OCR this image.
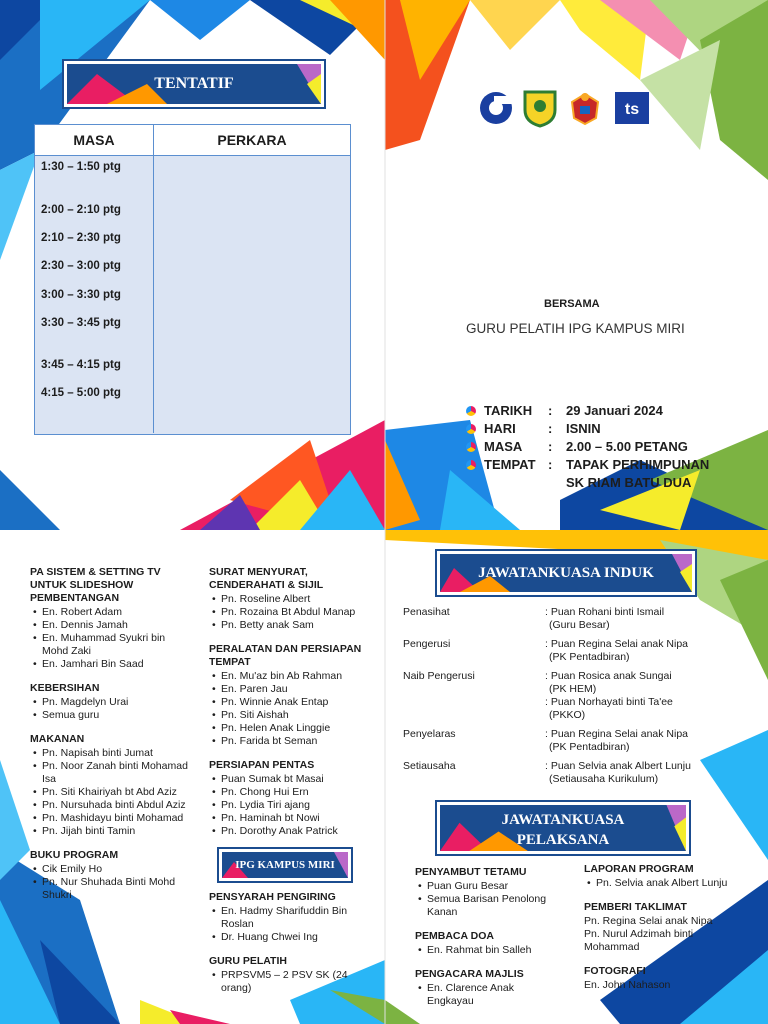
TENTATIF
MASA	PERKARA
1:30 – 1:50 ptg
2:00 – 2:10 ptg
2:10 – 2:30 ptg
2:30 – 3:00 ptg
3:00 – 3:30 ptg
3:30 – 3:45 ptg
3:45 – 4:15 ptg
4:15 – 5:00 ptg
ts
BERSAMA
GURU PELATIH IPG KAMPUS MIRI
TARIKH	:	29 Januari 2024
HARI	:	ISNIN
MASA	:	2.00 – 5.00 PETANG
TEMPAT :	TAPAK PERHIMPUNAN
SK RIAM BATU DUA
PA SISTEM & SETTING TV UNTUK SLIDESHOW PEMBENTANGAN
• En. Robert Adam
• En. Dennis Jamah
• En. Muhammad Syukri bin Mohd Zaki
• En. Jamhari Bin Saad
KEBERSIHAN
• Pn. Magdelyn Urai
• Semua guru
MAKANAN
• Pn. Napisah binti Jumat
• Pn. Noor Zanah binti Mohamad Isa
• Pn. Siti Khairiyah bt Abd Aziz
• Pn. Nursuhada binti Abdul Aziz
• Pn. Mashidayu binti Mohamad
• Pn. Jijah binti Tamin
BUKU PROGRAM
• Cik Emily Ho
• Pn. Nur Shuhada Binti Mohd Shukri
SURAT MENYURAT, CENDERAHATI & SIJIL
• Pn. Roseline Albert
• Pn. Rozaina Bt Abdul Manap
• Pn. Betty anak Sam
PERALATAN DAN PERSIAPAN TEMPAT
• En. Mu'az bin Ab Rahman
• En. Paren Jau
• Pn. Winnie Anak Entap
• Pn. Siti Aishah
• Pn. Helen Anak Linggie
• Pn. Farida bt Seman
PERSIAPAN PENTAS
• Puan Sumak bt Masai
• Pn. Chong Hui Ern
• Pn. Lydia Tiri ajang
• Pn. Haminah bt Nowi
• Pn. Dorothy Anak Patrick
IPG KAMPUS MIRI
PENSYARAH PENGIRING
• En. Hadmy Sharifuddin Bin Roslan
• Dr. Huang Chwei Ing
GURU PELATIH
• PRPSVM5 – 2 PSV SK (24 orang)
JAWATANKUASA INDUK
Penasihat	: Puan Rohani binti Ismail
(Guru Besar)
Pengerusi	: Puan Regina Selai anak Nipa
(PK Pentadbiran)
Naib Pengerusi	: Puan Rosica anak Sungai
(PK HEM)
: Puan Norhayati binti Ta'ee
(PKKO)
Penyelaras	: Puan Regina Selai anak Nipa
(PK Pentadbiran)
Setiausaha	: Puan Selvia anak Albert Lunju
(Setiausaha Kurikulum)
JAWATANKUASA
PELAKSANA
PENYAMBUT TETAMU
• Puan Guru Besar
• Semua Barisan Penolong Kanan
PEMBACA DOA
• En. Rahmat bin Salleh
PENGACARA MAJLIS
• En. Clarence Anak Engkayau
LAPORAN PROGRAM
• Pn. Selvia anak Albert Lunju
PEMBERI TAKLIMAT
Pn. Regina Selai anak Nipa
Pn. Nurul Adzimah binti Mohammad
FOTOGRAFI
En. John Nahason
